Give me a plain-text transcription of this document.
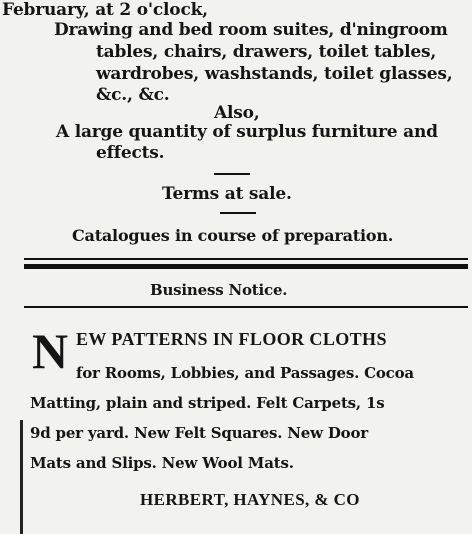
February, at 2 o'clock,
Drawing and bed room suites, d'ningroom
tables, chairs, drawers, toilet tables,
wardrobes, washstands, toilet glasses,
&c., &c.
Also,
A large quantity of surplus furniture and
effects.
Terms at sale.
Catalogues in course of preparation.
Business Notice.
N EW PATTERNS IN FLOOR CLOTHS
for Rooms, Lobbies, and Passages. Cocoa
Matting, plain and striped. Felt Carpets, 1s
9d per yard. New Felt Squares. New Door
Mats and Slips. New Wool Mats.
HERBERT, HAYNES, & CO
